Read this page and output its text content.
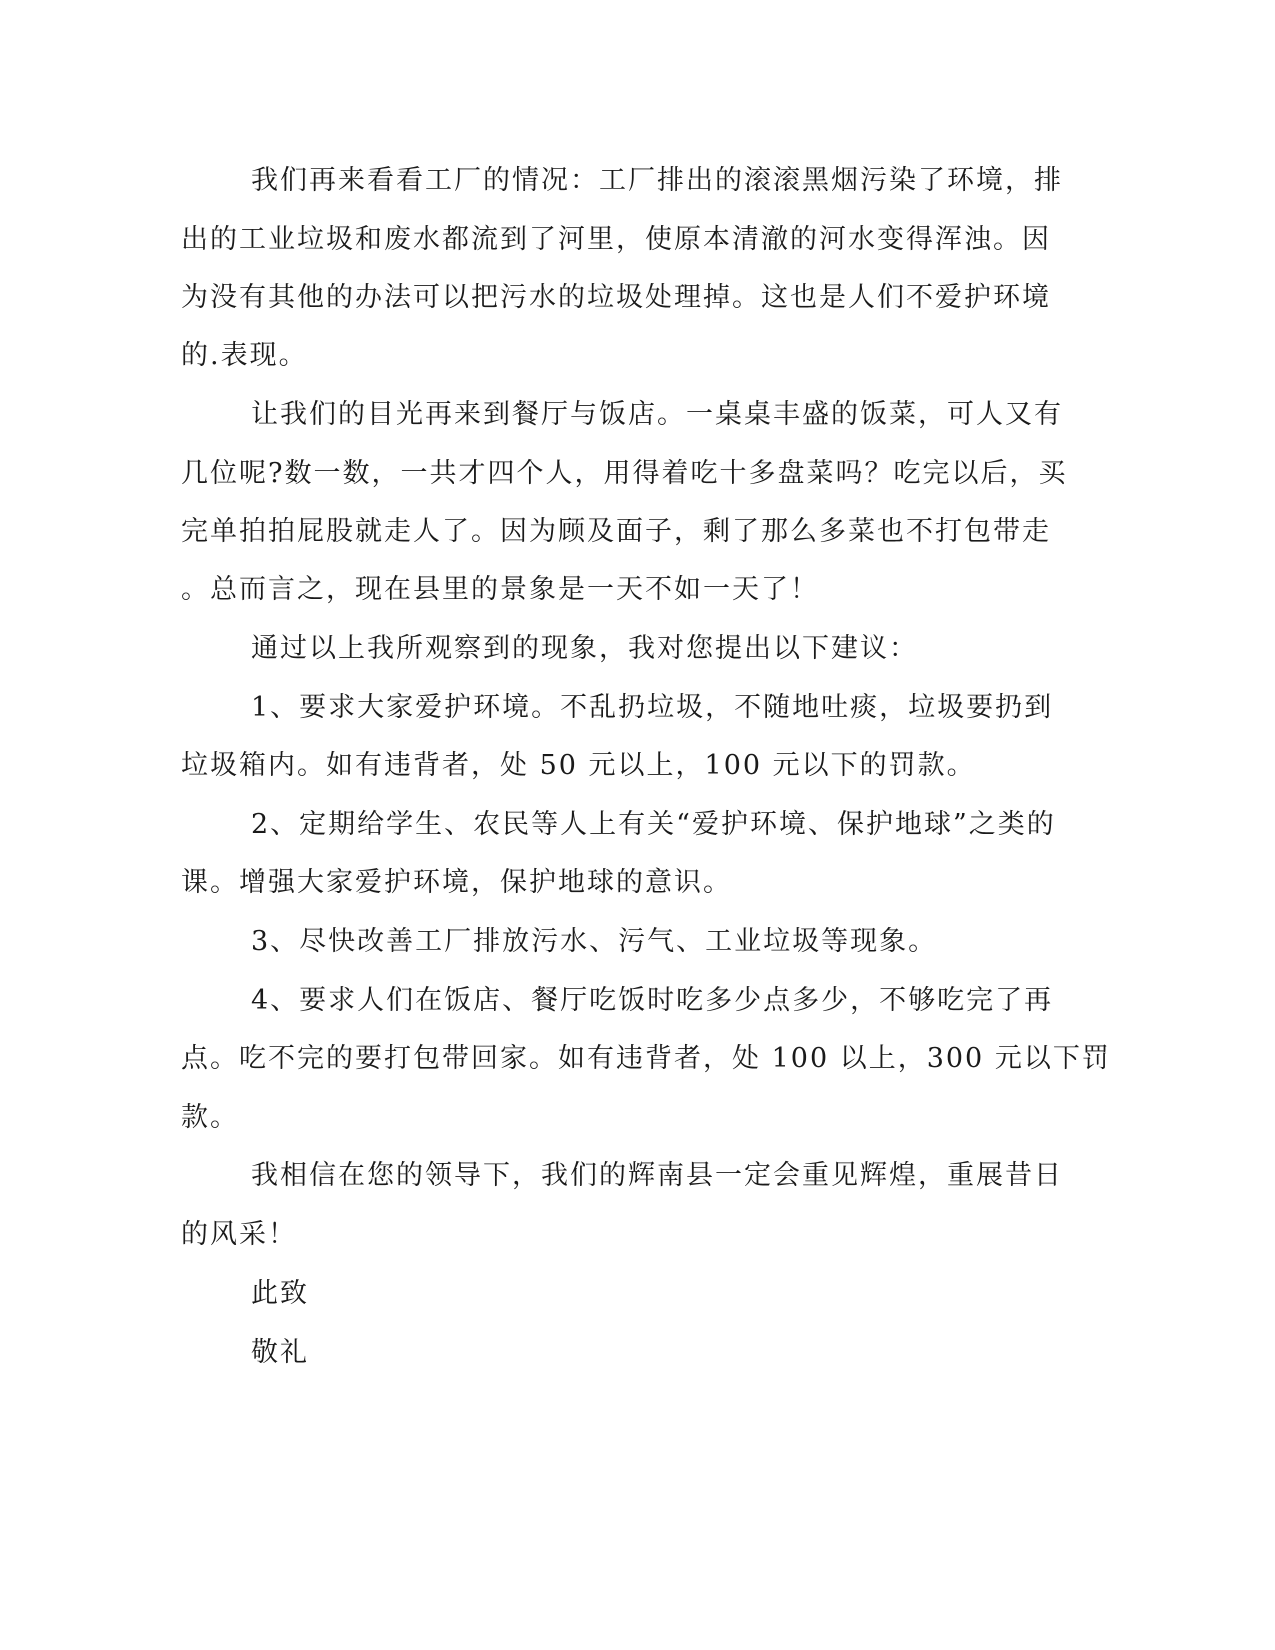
我们再来看看工厂的情况：工厂排出的滚滚黑烟污染了环境，排
出的工业垃圾和废水都流到了河里，使原本清澈的河水变得浑浊。因
为没有其他的办法可以把污水的垃圾处理掉。这也是人们不爱护环境
的.表现。
让我们的目光再来到餐厅与饭店。一桌桌丰盛的饭菜，可人又有
几位呢?数一数，一共才四个人，用得着吃十多盘菜吗？吃完以后，买
完单拍拍屁股就走人了。因为顾及面子，剩了那么多菜也不打包带走
。总而言之，现在县里的景象是一天不如一天了！
通过以上我所观察到的现象，我对您提出以下建议：
1、要求大家爱护环境。不乱扔垃圾，不随地吐痰，垃圾要扔到
垃圾箱内。如有违背者，处 50 元以上，100 元以下的罚款。
2、定期给学生、农民等人上有关“爱护环境、保护地球”之类的
课。增强大家爱护环境，保护地球的意识。
3、尽快改善工厂排放污水、污气、工业垃圾等现象。
4、要求人们在饭店、餐厅吃饭时吃多少点多少，不够吃完了再
点。吃不完的要打包带回家。如有违背者，处 100 以上，300 元以下罚
款。
我相信在您的领导下，我们的辉南县一定会重见辉煌，重展昔日
的风采！
此致
敬礼
